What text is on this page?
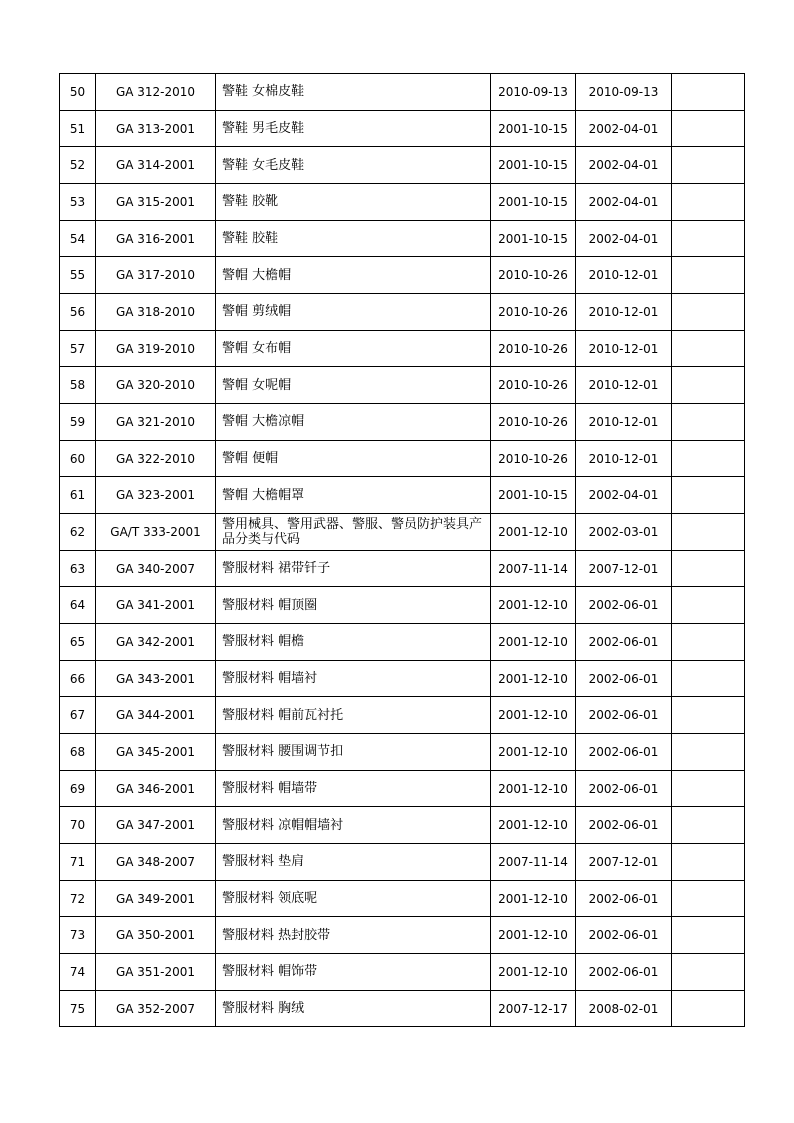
50	GA 312-2010	警鞋 女棉皮鞋	2010-09-13	2010-09-13	
51	GA 313-2001	警鞋 男毛皮鞋	2001-10-15	2002-04-01	
52	GA 314-2001	警鞋 女毛皮鞋	2001-10-15	2002-04-01	
53	GA 315-2001	警鞋 胶靴	2001-10-15	2002-04-01	
54	GA 316-2001	警鞋 胶鞋	2001-10-15	2002-04-01	
55	GA 317-2010	警帽 大檐帽	2010-10-26	2010-12-01	
56	GA 318-2010	警帽 剪绒帽	2010-10-26	2010-12-01	
57	GA 319-2010	警帽 女布帽	2010-10-26	2010-12-01	
58	GA 320-2010	警帽 女呢帽	2010-10-26	2010-12-01	
59	GA 321-2010	警帽 大檐凉帽	2010-10-26	2010-12-01	
60	GA 322-2010	警帽 便帽	2010-10-26	2010-12-01	
61	GA 323-2001	警帽 大檐帽罩	2001-10-15	2002-04-01	
62	GA/T 333-2001	警用械具、警用武器、警服、警员防护装具产品分类与代码	2001-12-10	2002-03-01	
63	GA 340-2007	警服材料 裙带钎子	2007-11-14	2007-12-01	
64	GA 341-2001	警服材料 帽顶圈	2001-12-10	2002-06-01	
65	GA 342-2001	警服材料 帽檐	2001-12-10	2002-06-01	
66	GA 343-2001	警服材料 帽墙衬	2001-12-10	2002-06-01	
67	GA 344-2001	警服材料 帽前瓦衬托	2001-12-10	2002-06-01	
68	GA 345-2001	警服材料 腰围调节扣	2001-12-10	2002-06-01	
69	GA 346-2001	警服材料 帽墙带	2001-12-10	2002-06-01	
70	GA 347-2001	警服材料 凉帽帽墙衬	2001-12-10	2002-06-01	
71	GA 348-2007	警服材料 垫肩	2007-11-14	2007-12-01	
72	GA 349-2001	警服材料 领底呢	2001-12-10	2002-06-01	
73	GA 350-2001	警服材料 热封胶带	2001-12-10	2002-06-01	
74	GA 351-2001	警服材料 帽饰带	2001-12-10	2002-06-01	
75	GA 352-2007	警服材料 胸绒	2007-12-17	2008-02-01	
